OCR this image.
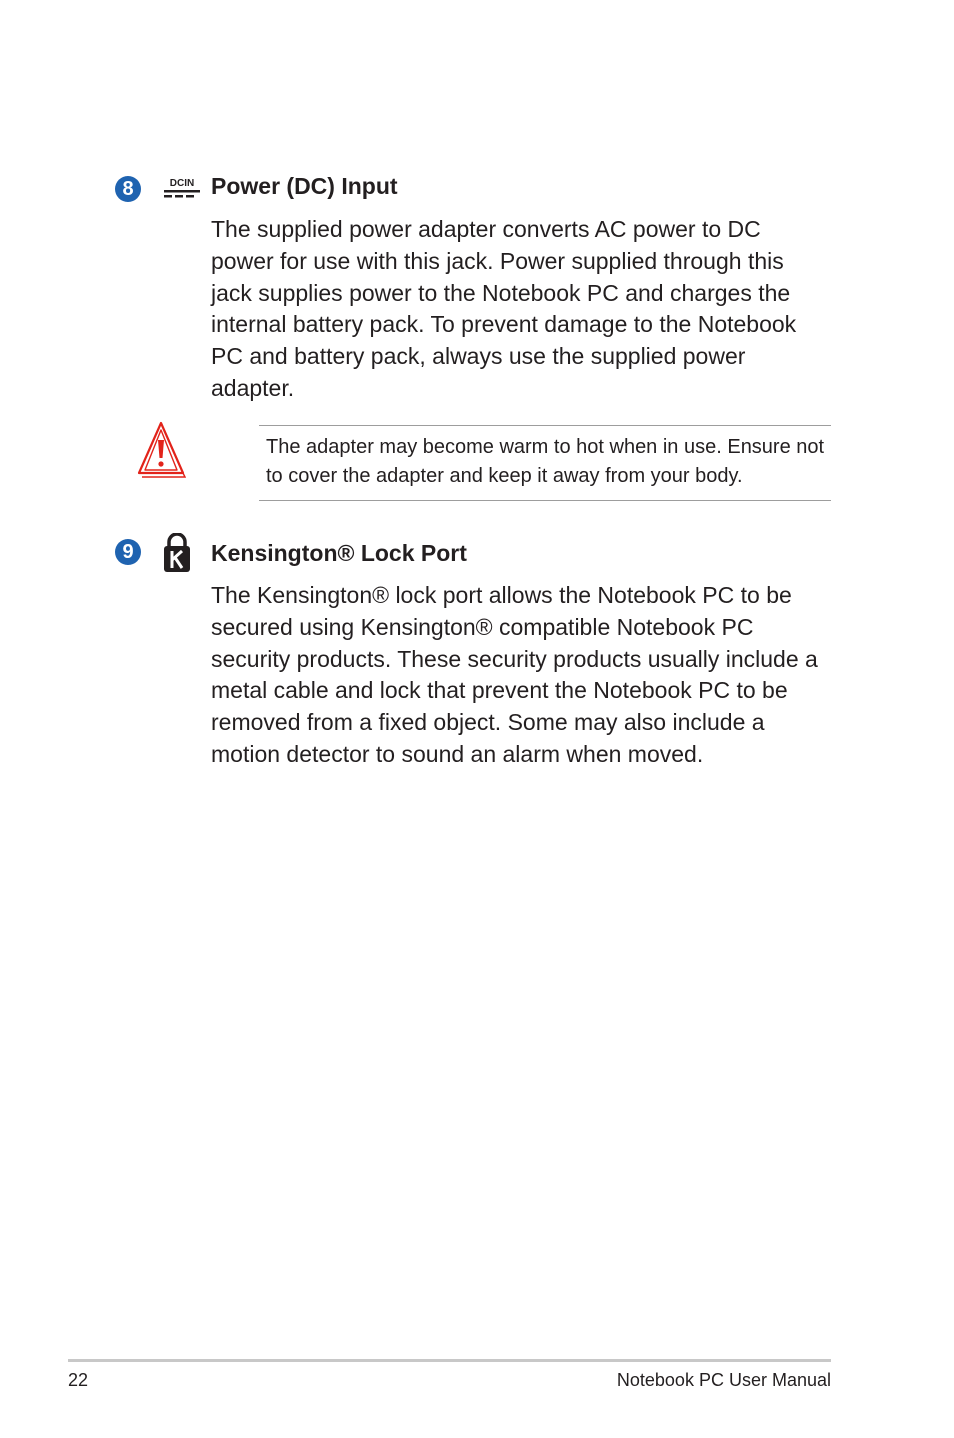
8	DCIN Power (DC) Input
The supplied power adapter converts AC power to DC power for use with this jack. Power supplied through this jack supplies power to the Notebook PC and charges the internal battery pack. To prevent damage to the Notebook PC and battery pack, always use the supplied power adapter.
The adapter may become warm to hot when in use. Ensure not to cover the adapter and keep it away from your body.
9	Kensington® Lock Port
The Kensington® lock port allows the Notebook PC to be secured using Kensington® compatible Notebook PC security products. These security products usually include a metal cable and lock that prevent the Notebook PC to be removed from a fixed object. Some may also include a motion detector to sound an alarm when moved.
22	Notebook PC User Manual
